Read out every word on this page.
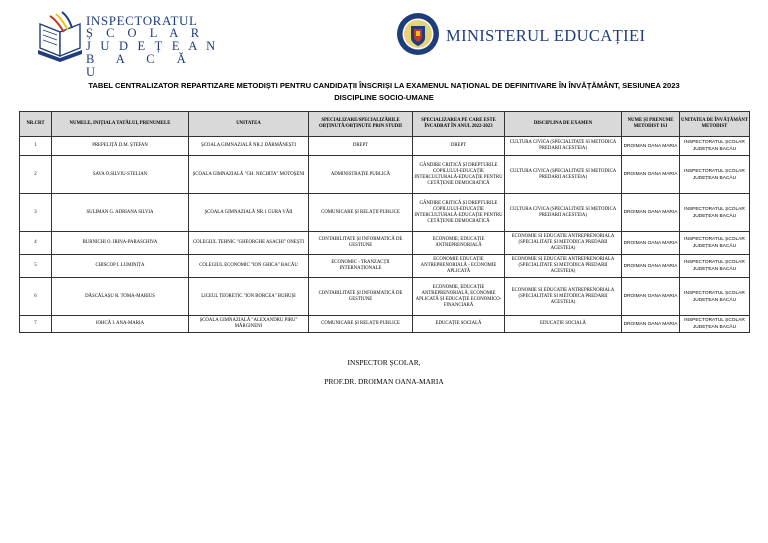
INSPECTORATUL
Ș C O L A R
J U D E Ț E A N
B A C Ă U
MINISTERUL EDUCAȚIEI
TABEL CENTRALIZATOR REPARTIZARE METODIȘTI PENTRU CANDIDAȚII ÎNSCRIȘI LA EXAMENUL NAȚIONAL DE DEFINITIVARE ÎN ÎNVĂȚĂMÂNT, SESIUNEA 2023
DISCIPLINE SOCIO-UMANE
NR.CRT	NUMELE, INIȚIALA TATĂLUI, PRENUMELE	UNITATEA	SPECIALIZARE/SPECIALIZĂRILE OBȚINUTĂ/OBȚINUTE PRIN STUDII	SPECIALIZAREA PE CARE ESTE ÎNCADRAT ÎN ANUL 2022-2023	DISCIPLINA DE EXAMEN	NUME ȘI PRENUME METODIST ISJ	UNITATEA DE ÎNVĂȚĂMÂNT METODIST
1	PREPELIȚĂ D.M. ȘTEFAN	ȘCOALA GIMNAZIALĂ NR.2 DĂRMĂNEȘTI	DREPT	DREPT	CULTURA CIVICA (SPECIALITATE SI METODICA PREDARII ACESTEIA)	DROIMAN OANA MARIA	INSPECTORATUL ȘCOLAR JUDEȚEAN BACĂU
2	SAVA O.SILVIU-STELIAN	ȘCOALA GIMNAZIALĂ "GH. NECHITA" MOTOȘENI	ADMINISTRAȚIE PUBLICĂ	GÂNDIRE CRITICĂ ȘI DREPTURILE COPILULUI-EDUCAȚIE INTERCULTURALĂ-EDUCAȚIE PENTRU CETĂȚENIE DEMOCRATICĂ	CULTURA CIVICA (SPECIALITATE SI METODICA PREDARII ACESTEIA)	DROIMAN OANA MARIA	INSPECTORATUL ȘCOLAR JUDEȚEAN BACĂU
3	SULIMAN G. ADRIANA SILVIA	ȘCOALA GIMNAZIALĂ NR.1 GURA VĂII	COMUNICARE ȘI RELAȚII PUBLICE	GÂNDIRE CRITICĂ ȘI DREPTURILE COPILULUI-EDUCAȚIE INTERCULTURALĂ-EDUCAȚIE PENTRU CETĂȚENIE DEMOCRATICĂ	CULTURA CIVICA (SPECIALITATE SI METODICA PREDARII ACESTEIA)	DROIMAN OANA MARIA	INSPECTORATUL ȘCOLAR JUDEȚEAN BACĂU
4	BURNICHI O. IRINA-PARASCHIVA	COLEGIUL TEHNIC "GHEORGHE ASACHI" ONEȘTI	CONTABILITATE ȘI INFORMATICĂ DE GESTIUNE	ECONOMIE; EDUCAȚIE ANTREPRENORIALĂ	ECONOMIE SI EDUCATIE ANTREPRENORIALA (SPECIALITATE SI METODICA PREDARII ACESTEIA)	DROIMAN OANA MARIA	INSPECTORATUL ȘCOLAR JUDEȚEAN BACĂU
5	CHISCOP I. LUMINIȚA	COLEGIUL ECONOMIC "ION GHICA" BACĂU	ECONOMIC - TRANZACȚII INTERNAȚIONALE	ECONOMIE EDUCAȚIE ANTREPRENORIALĂ - ECONOMIE APLICATĂ	ECONOMIE SI EDUCATIE ANTREPRENORIALA (SPECIALITATE SI METODICA PREDARII ACESTEIA)	DROIMAN OANA MARIA	INSPECTORATUL ȘCOLAR JUDEȚEAN BACĂU
6	DĂSCĂLAȘU R. TOMA-MARIUS	LICEUL TEORETIC "ION BORCEA" BUHUȘI	CONTABILITATE ȘI INFORMATICĂ DE GESTIUNE	ECONOMIE, EDUCAȚIE ANTREPRENORIALĂ, ECONOMIE APLICATĂ ȘI EDUCAȚIE ECONOMICO-FINANCIARĂ	ECONOMIE SI EDUCATIE ANTREPRENORIALA (SPECIALITATE SI METODICA PREDARII ACESTEIA)	DROIMAN OANA MARIA	INSPECTORATUL ȘCOLAR JUDEȚEAN BACĂU
7	IOHCĂ I. ANA-MARIA	ȘCOALA GIMNAZIALĂ "ALEXANDRU PIRU" MĂRGINENI	COMUNICARE ȘI RELAȚII PUBLICE	EDUCAȚIE SOCIALĂ	EDUCAȚIE SOCIALĂ	DROIMAN OANA MARIA	INSPECTORATUL ȘCOLAR JUDEȚEAN BACĂU
INSPECTOR ȘCOLAR,
PROF.DR. DROIMAN OANA-MARIA
